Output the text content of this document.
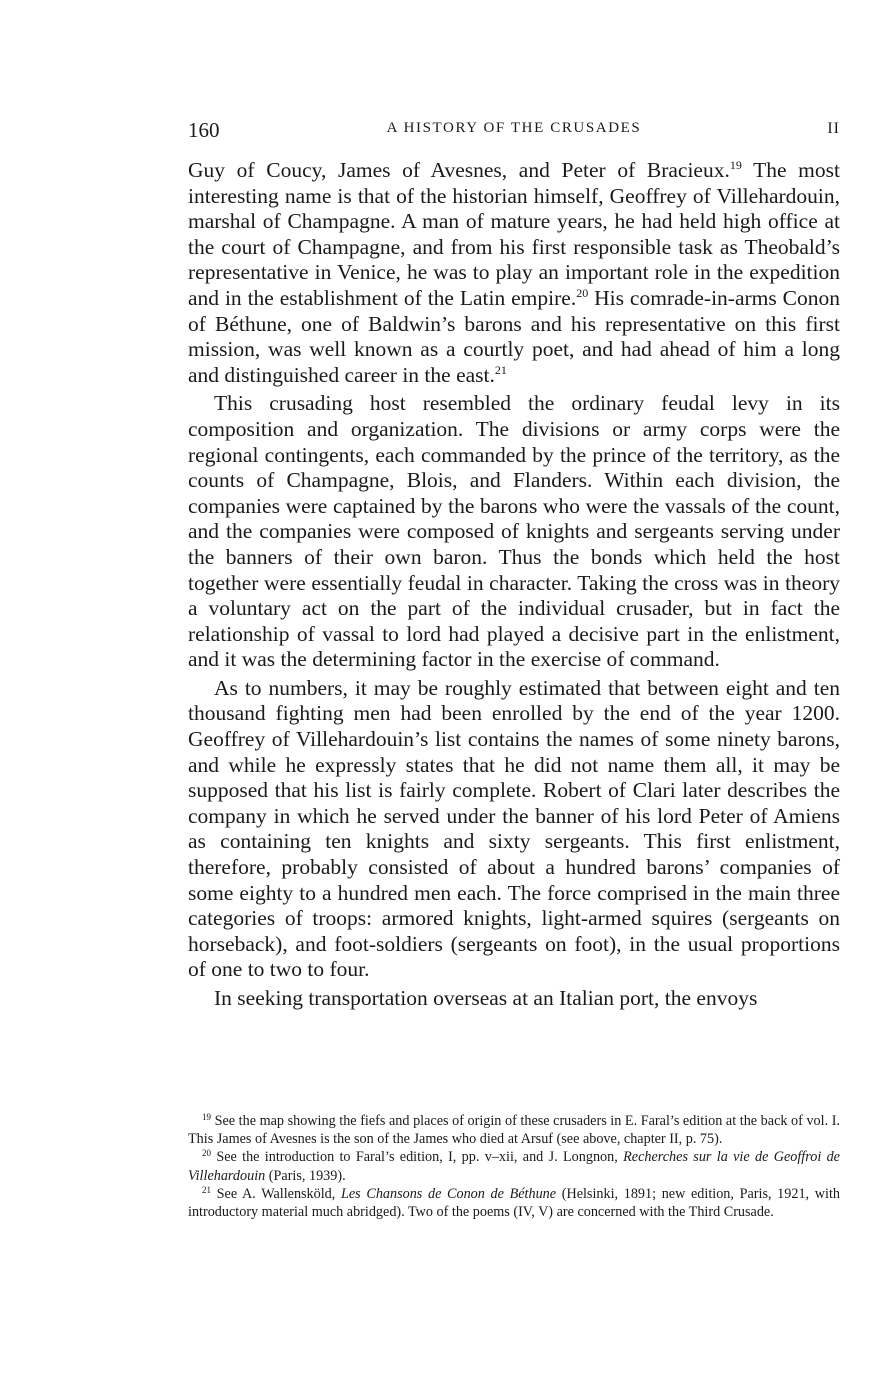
160	A HISTORY OF THE CRUSADES	II

Guy of Coucy, James of Avesnes, and Peter of Bracieux.$^{19}$ The most interesting name is that of the historian himself, Geoffrey of Villehardouin, marshal of Champagne. A man of mature years, he had held high office at the court of Champagne, and from his first responsible task as Theobald’s representative in Venice, he was to play an important role in the expedition and in the establishment of the Latin empire.$^{20}$ His comrade-in-arms Conon of Béthune, one of Baldwin’s barons and his representative on this first mission, was well known as a courtly poet, and had ahead of him a long and distinguished career in the east.$^{21}$

This crusading host resembled the ordinary feudal levy in its composition and organization. The divisions or army corps were the regional contingents, each commanded by the prince of the territory, as the counts of Champagne, Blois, and Flanders. Within each division, the companies were captained by the barons who were the vassals of the count, and the companies were composed of knights and sergeants serving under the banners of their own baron. Thus the bonds which held the host together were essentially feudal in character. Taking the cross was in theory a voluntary act on the part of the individual crusader, but in fact the relationship of vassal to lord had played a decisive part in the enlistment, and it was the determining factor in the exercise of command.

As to numbers, it may be roughly estimated that between eight and ten thousand fighting men had been enrolled by the end of the year 1200. Geoffrey of Villehardouin’s list contains the names of some ninety barons, and while he expressly states that he did not name them all, it may be supposed that his list is fairly complete. Robert of Clari later describes the company in which he served under the banner of his lord Peter of Amiens as containing ten knights and sixty sergeants. This first enlistment, therefore, probably consisted of about a hundred barons’ companies of some eighty to a hundred men each. The force comprised in the main three categories of troops: armored knights, light-armed squires (sergeants on horseback), and foot-soldiers (sergeants on foot), in the usual proportions of one to two to four.

In seeking transportation overseas at an Italian port, the envoys

$^{19}$ See the map showing the fiefs and places of origin of these crusaders in E. Faral’s edition at the back of vol. I. This James of Avesnes is the son of the James who died at Arsuf (see above, chapter II, p. 75).

$^{20}$ See the introduction to Faral’s edition, I, pp. v–xii, and J. Longnon, Recherches sur la vie de Geoffroi de Villehardouin (Paris, 1939).

$^{21}$ See A. Wallensköld, Les Chansons de Conon de Béthune (Helsinki, 1891; new edition, Paris, 1921, with introductory material much abridged). Two of the poems (IV, V) are concerned with the Third Crusade.
